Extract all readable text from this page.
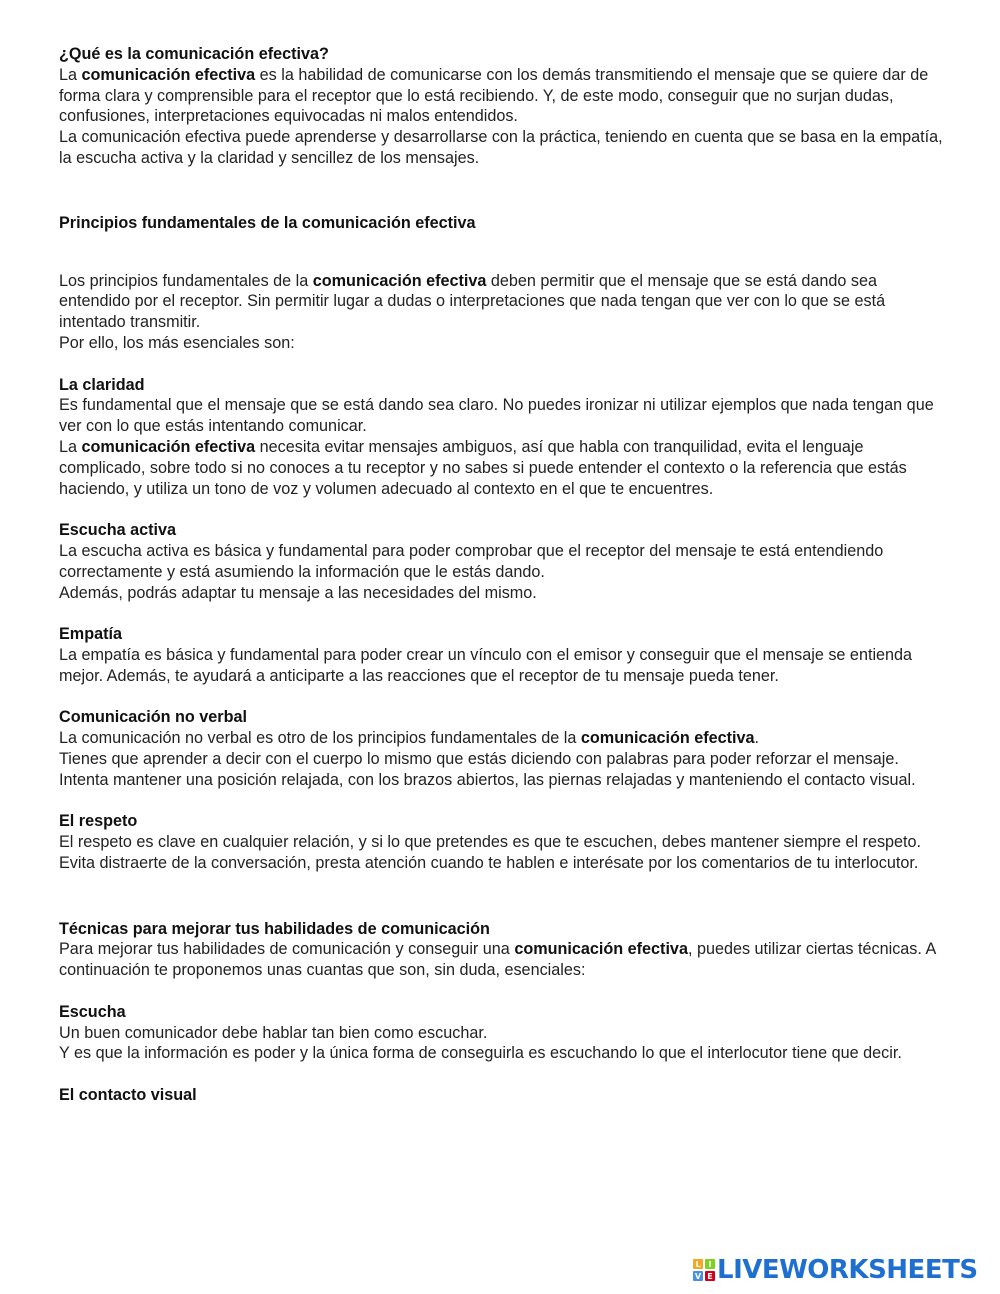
¿Qué es la comunicación efectiva?

La comunicación efectiva es la habilidad de comunicarse con los demás transmitiendo el mensaje que se quiere dar de forma clara y comprensible para el receptor que lo está recibiendo. Y, de este modo, conseguir que no surjan dudas, confusiones, interpretaciones equivocadas ni malos entendidos.

La comunicación efectiva puede aprenderse y desarrollarse con la práctica, teniendo en cuenta que se basa en la empatía, la escucha activa y la claridad y sencillez de los mensajes.

Principios fundamentales de la comunicación efectiva

Los principios fundamentales de la comunicación efectiva deben permitir que el mensaje que se está dando sea entendido por el receptor. Sin permitir lugar a dudas o interpretaciones que nada tengan que ver con lo que se está intentado transmitir.

Por ello, los más esenciales son:

La claridad

Es fundamental que el mensaje que se está dando sea claro. No puedes ironizar ni utilizar ejemplos que nada tengan que ver con lo que estás intentando comunicar.

La comunicación efectiva necesita evitar mensajes ambiguos, así que habla con tranquilidad, evita el lenguaje complicado, sobre todo si no conoces a tu receptor y no sabes si puede entender el contexto o la referencia que estás haciendo, y utiliza un tono de voz y volumen adecuado al contexto en el que te encuentres.

Escucha activa

La escucha activa es básica y fundamental para poder comprobar que el receptor del mensaje te está entendiendo correctamente y está asumiendo la información que le estás dando.

Además, podrás adaptar tu mensaje a las necesidades del mismo.

Empatía

La empatía es básica y fundamental para poder crear un vínculo con el emisor y conseguir que el mensaje se entienda mejor. Además, te ayudará a anticiparte a las reacciones que el receptor de tu mensaje pueda tener.

Comunicación no verbal

La comunicación no verbal es otro de los principios fundamentales de la comunicación efectiva.

Tienes que aprender a decir con el cuerpo lo mismo que estás diciendo con palabras para poder reforzar el mensaje.

Intenta mantener una posición relajada, con los brazos abiertos, las piernas relajadas y manteniendo el contacto visual.

El respeto

El respeto es clave en cualquier relación, y si lo que pretendes es que te escuchen, debes mantener siempre el respeto. Evita distraerte de la conversación, presta atención cuando te hablen e interésate por los comentarios de tu interlocutor.

Técnicas para mejorar tus habilidades de comunicación

Para mejorar tus habilidades de comunicación y conseguir una comunicación efectiva, puedes utilizar ciertas técnicas. A continuación te proponemos unas cuantas que son, sin duda, esenciales:

Escucha

Un buen comunicador debe hablar tan bien como escuchar.

Y es que la información es poder y la única forma de conseguirla es escuchando lo que el interlocutor tiene que decir.

El contacto visual

L I
V E LIVEWORKSHEETS
